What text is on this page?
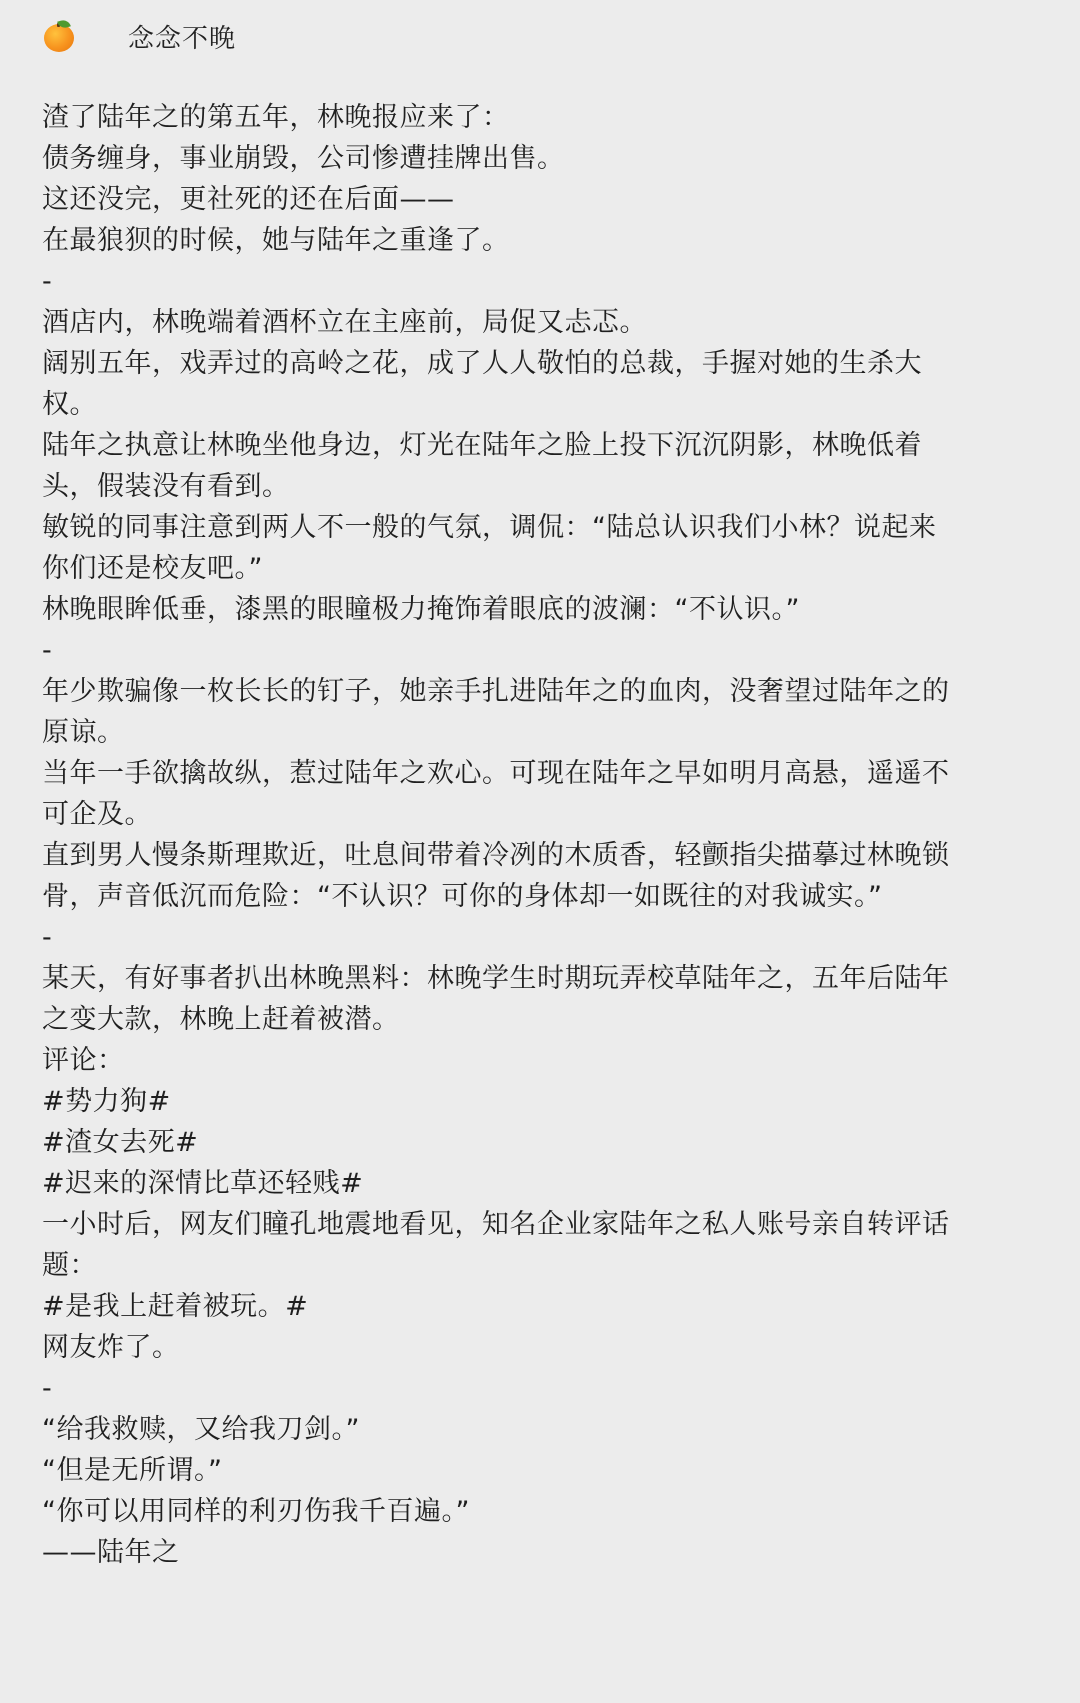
念念不晚

渣了陆年之的第五年，林晚报应来了：

债务缠身，事业崩毁，公司惨遭挂牌出售。

这还没完，更社死的还在后面——

在最狼狈的时候，她与陆年之重逢了。

-

酒店内，林晚端着酒杯立在主座前，局促又忐忑。

阔别五年，戏弄过的高岭之花，成了人人敬怕的总裁，手握对她的生杀大

权。

陆年之执意让林晚坐他身边，灯光在陆年之脸上投下沉沉阴影，林晚低着

头，假装没有看到。

敏锐的同事注意到两人不一般的气氛，调侃：“陆总认识我们小林？说起来

你们还是校友吧。”

林晚眼眸低垂，漆黑的眼瞳极力掩饰着眼底的波澜：“不认识。”

-

年少欺骗像一枚长长的钉子，她亲手扎进陆年之的血肉，没奢望过陆年之的

原谅。

当年一手欲擒故纵，惹过陆年之欢心。可现在陆年之早如明月高悬，遥遥不

可企及。

直到男人慢条斯理欺近，吐息间带着冷冽的木质香，轻颤指尖描摹过林晚锁

骨，声音低沉而危险：“不认识？可你的身体却一如既往的对我诚实。”

-

某天，有好事者扒出林晚黑料：林晚学生时期玩弄校草陆年之，五年后陆年

之变大款，林晚上赶着被潜。

评论：

#势力狗#

#渣女去死#

#迟来的深情比草还轻贱#

一小时后，网友们瞳孔地震地看见，知名企业家陆年之私人账号亲自转评话

题：

#是我上赶着被玩。#

网友炸了。

-

“给我救赎，又给我刀剑。”

“但是无所谓。”

“你可以用同样的利刃伤我千百遍。”

——陆年之
